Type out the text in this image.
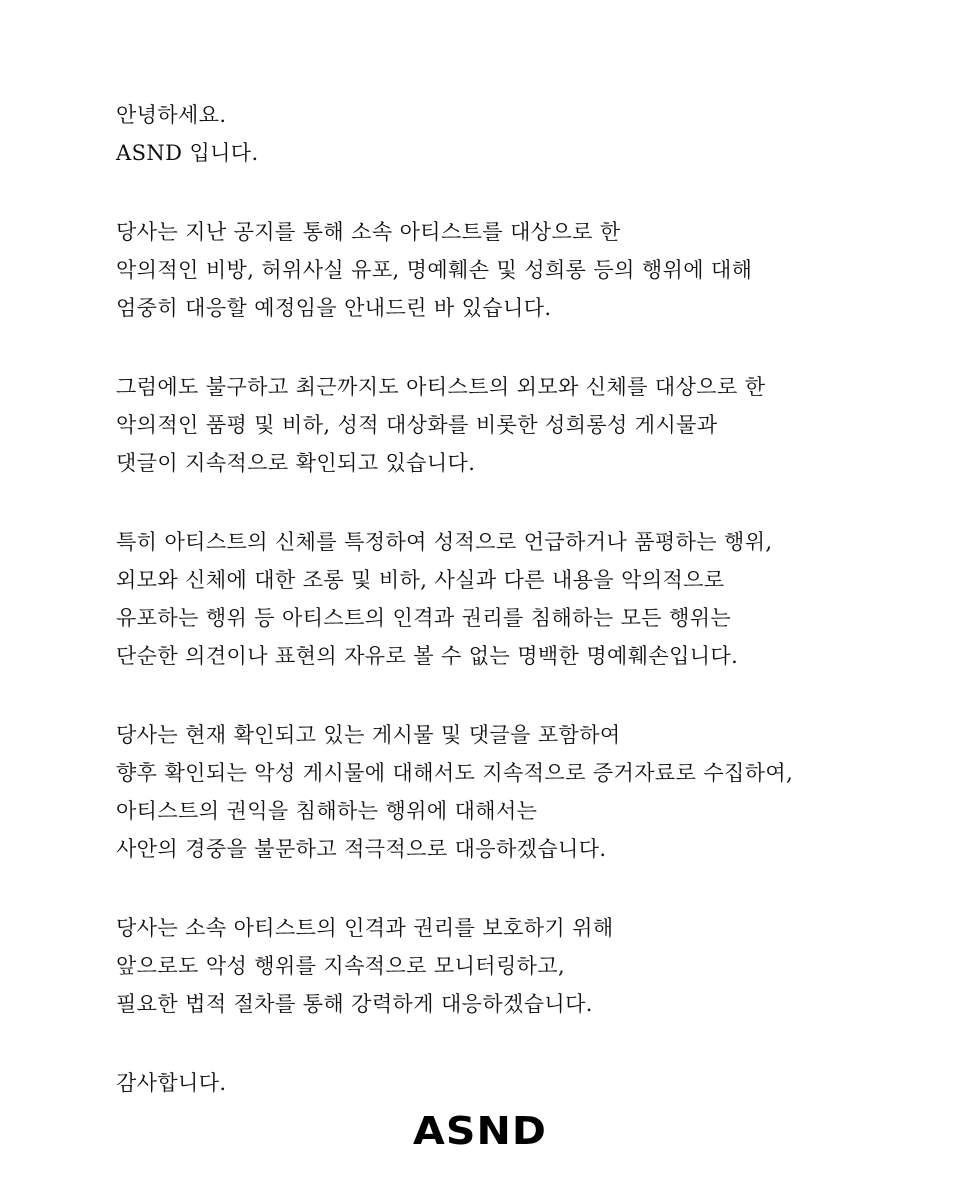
안녕하세요.
ASND 입니다.

당사는 지난 공지를 통해 소속 아티스트를 대상으로 한
악의적인 비방, 허위사실 유포, 명예훼손 및 성희롱 등의 행위에 대해
엄중히 대응할 예정임을 안내드린 바 있습니다.

그럼에도 불구하고 최근까지도 아티스트의 외모와 신체를 대상으로 한
악의적인 품평 및 비하, 성적 대상화를 비롯한 성희롱성 게시물과
댓글이 지속적으로 확인되고 있습니다.

특히 아티스트의 신체를 특정하여 성적으로 언급하거나 품평하는 행위,
외모와 신체에 대한 조롱 및 비하, 사실과 다른 내용을 악의적으로
유포하는 행위 등 아티스트의 인격과 권리를 침해하는 모든 행위는
단순한 의견이나 표현의 자유로 볼 수 없는 명백한 명예훼손입니다.

당사는 현재 확인되고 있는 게시물 및 댓글을 포함하여
향후 확인되는 악성 게시물에 대해서도 지속적으로 증거자료로 수집하여,
아티스트의 권익을 침해하는 행위에 대해서는
사안의 경중을 불문하고 적극적으로 대응하겠습니다.

당사는 소속 아티스트의 인격과 권리를 보호하기 위해
앞으로도 악성 행위를 지속적으로 모니터링하고,
필요한 법적 절차를 통해 강력하게 대응하겠습니다.

감사합니다.

ASND
